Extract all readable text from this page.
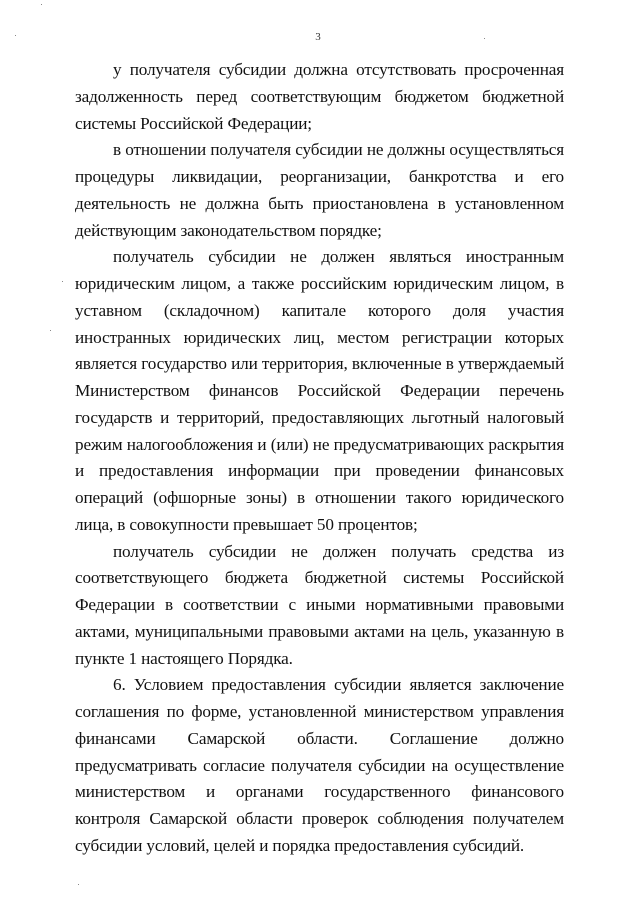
3

у получателя субсидии должна отсутствовать просроченная задолженность перед соответствующим бюджетом бюджетной системы Российской Федерации;

в отношении получателя субсидии не должны осуществляться процедуры ликвидации, реорганизации, банкротства и его деятельность не должна быть приостановлена в установленном действующим законодательством порядке;

получатель субсидии не должен являться иностранным юридическим лицом, а также российским юридическим лицом, в уставном (складочном) капитале которого доля участия иностранных юридических лиц, местом регистрации которых является государство или территория, включенные в утверждаемый Министерством финансов Российской Федерации перечень государств и территорий, предоставляющих льготный налоговый режим налогообложения и (или) не предусматривающих раскрытия и предоставления информации при проведении финансовых операций (офшорные зоны) в отношении такого юридического лица, в совокупности превышает 50 процентов;

получатель субсидии не должен получать средства из соответствующего бюджета бюджетной системы Российской Федерации в соответствии с иными нормативными правовыми актами, муниципальными правовыми актами на цель, указанную в пункте 1 настоящего Порядка.

6. Условием предоставления субсидии является заключение соглашения по форме, установленной министерством управления финансами Самарской области. Соглашение должно предусматривать согласие получателя субсидии на осуществление министерством и органами государственного финансового контроля Самарской области проверок соблюдения получателем субсидии условий, целей и порядка предоставления субсидий.
